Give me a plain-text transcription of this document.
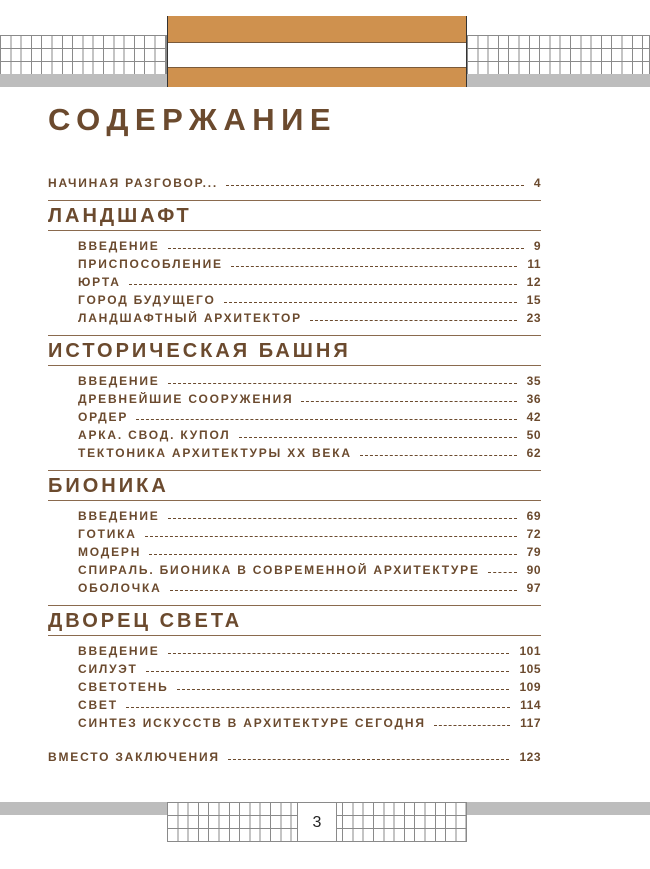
СОДЕРЖАНИЕ
НАЧИНАЯ РАЗГОВОР...	4
ЛАНДШАФТ
ВВЕДЕНИЕ	9
ПРИСПОСОБЛЕНИЕ	11
ЮРТА	12
ГОРОД БУДУЩЕГО	15
ЛАНДШАФТНЫЙ АРХИТЕКТОР	23
ИСТОРИЧЕСКАЯ БАШНЯ
ВВЕДЕНИЕ	35
ДРЕВНЕЙШИЕ СООРУЖЕНИЯ	36
ОРДЕР	42
АРКА. СВОД. КУПОЛ	50
ТЕКТОНИКА АРХИТЕКТУРЫ XX ВЕКА	62
БИОНИКА
ВВЕДЕНИЕ	69
ГОТИКА	72
МОДЕРН	79
СПИРАЛЬ. БИОНИКА В СОВРЕМЕННОЙ АРХИТЕКТУРЕ	90
ОБОЛОЧКА	97
ДВОРЕЦ СВЕТА
ВВЕДЕНИЕ	101
СИЛУЭТ	105
СВЕТОТЕНЬ	109
СВЕТ	114
СИНТЕЗ ИСКУССТВ В АРХИТЕКТУРЕ СЕГОДНЯ	117
ВМЕСТО ЗАКЛЮЧЕНИЯ	123
3
